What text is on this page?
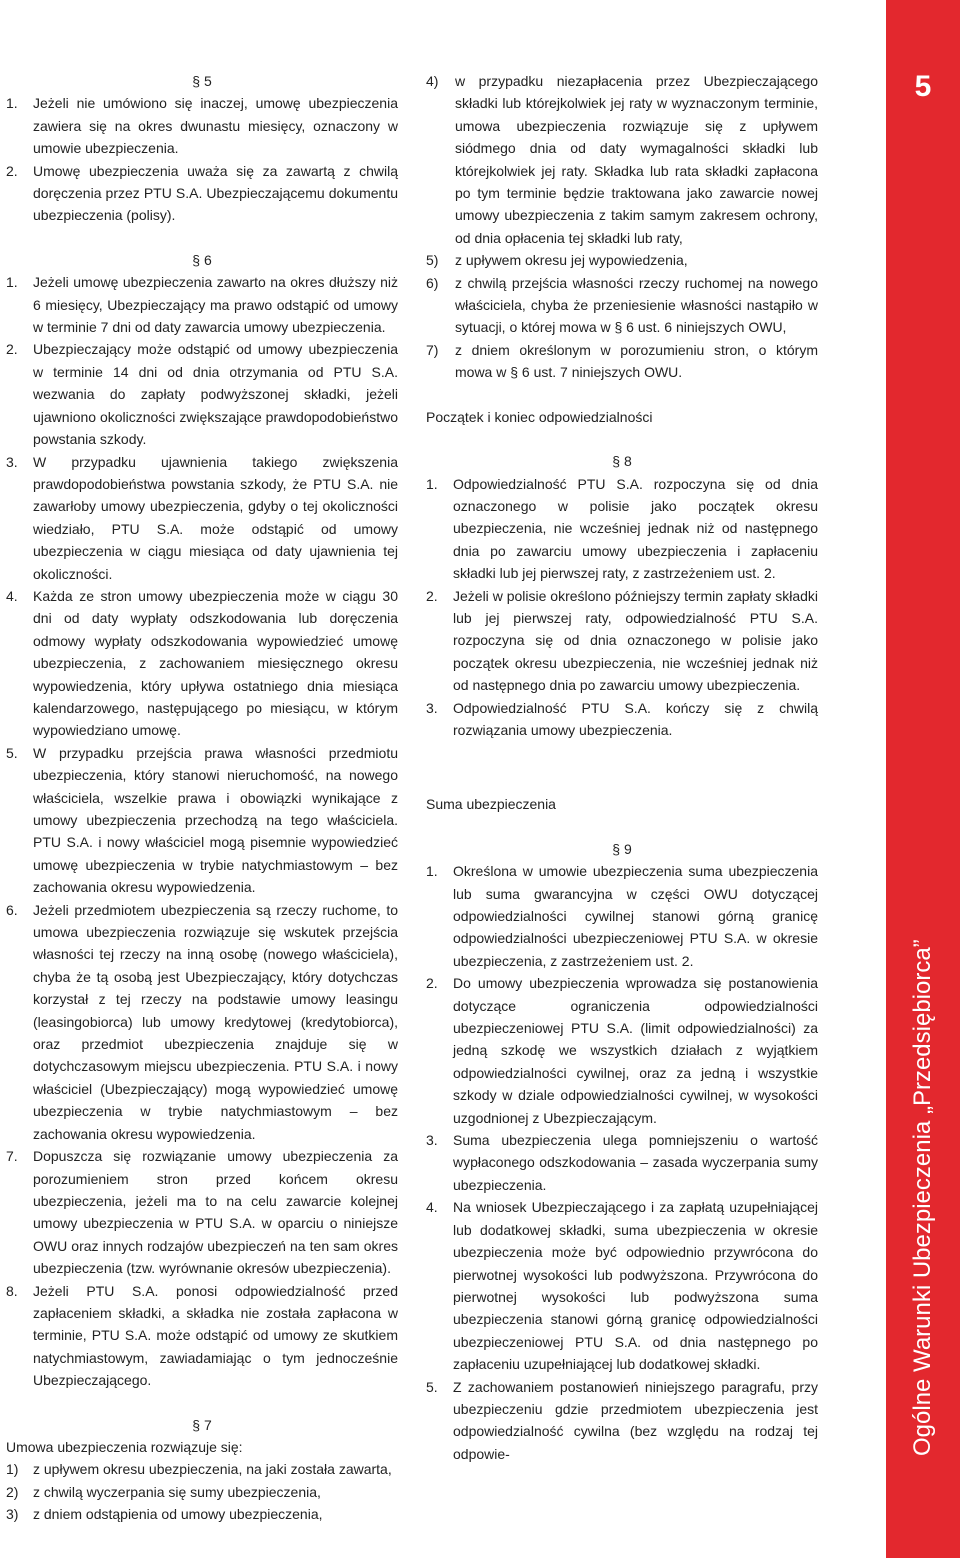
§ 5

1.	Jeżeli nie umówiono się inaczej, umowę ubezpieczenia zawiera się na okres dwunastu miesięcy, oznaczony w umowie ubezpieczenia.
2.	Umowę ubezpieczenia uważa się za zawartą z chwilą doręczenia przez PTU S.A. Ubezpieczającemu dokumentu ubezpieczenia (polisy).

§ 6

1.	Jeżeli umowę ubezpieczenia zawarto na okres dłuższy niż 6 miesięcy, Ubezpieczający ma prawo odstąpić od umowy w terminie 7 dni od daty zawarcia umowy ubezpieczenia.
2.	Ubezpieczający może odstąpić od umowy ubezpieczenia w terminie 14 dni od dnia otrzymania od PTU S.A. wezwania do zapłaty podwyższonej składki, jeżeli ujawniono okoliczności zwiększające prawdopodobieństwo powstania szkody.
3.	W przypadku ujawnienia takiego zwiększenia prawdopodobieństwa powstania szkody, że PTU S.A. nie zawarłoby umowy ubezpieczenia, gdyby o tej okoliczności wiedziało, PTU S.A. może odstąpić od umowy ubezpieczenia w ciągu miesiąca od daty ujawnienia tej okoliczności.
4.	Każda ze stron umowy ubezpieczenia może w ciągu 30 dni od daty wypłaty odszkodowania lub doręczenia odmowy wypłaty odszkodowania wypowiedzieć umowę ubezpieczenia, z zachowaniem miesięcznego okresu wypowiedzenia, który upływa ostatniego dnia miesiąca kalendarzowego, następującego po miesiącu, w którym wypowiedziano umowę.
5.	W przypadku przejścia prawa własności przedmiotu ubezpieczenia, który stanowi nieruchomość, na nowego właściciela, wszelkie prawa i obowiązki wynikające z umowy ubezpieczenia przechodzą na tego właściciela. PTU S.A. i nowy właściciel mogą pisemnie wypowiedzieć umowę ubezpieczenia w trybie natychmiastowym – bez zachowania okresu wypowiedzenia.
6.	Jeżeli przedmiotem ubezpieczenia są rzeczy ruchome, to umowa ubezpieczenia rozwiązuje się wskutek przejścia własności tej rzeczy na inną osobę (nowego właściciela), chyba że tą osobą jest Ubezpieczający, który dotychczas korzystał z tej rzeczy na podstawie umowy leasingu (leasingobiorca) lub umowy kredytowej (kredytobiorca), oraz przedmiot ubezpieczenia znajduje się w dotychczasowym miejscu ubezpieczenia. PTU S.A. i nowy właściciel (Ubezpieczający) mogą wypowiedzieć umowę ubezpieczenia w trybie natychmiastowym – bez zachowania okresu wypowiedzenia.
7.	Dopuszcza się rozwiązanie umowy ubezpieczenia za porozumieniem stron przed końcem okresu ubezpieczenia, jeżeli ma to na celu zawarcie kolejnej umowy ubezpieczenia w PTU S.A. w oparciu o niniejsze OWU oraz innych rodzajów ubezpieczeń na ten sam okres ubezpieczenia (tzw. wyrównanie okresów ubezpieczenia).
8.	Jeżeli PTU S.A. ponosi odpowiedzialność przed zapłaceniem składki, a składka nie została zapłacona w terminie, PTU S.A. może odstąpić od umowy ze skutkiem natychmiastowym, zawiadamiając o tym jednocześnie Ubezpieczającego.

§ 7

Umowa ubezpieczenia rozwiązuje się:

1)	z upływem okresu ubezpieczenia, na jaki została zawarta,
2)	z chwilą wyczerpania się sumy ubezpieczenia,
3)	z dniem odstąpienia od umowy ubezpieczenia,
4)	w przypadku niezapłacenia przez Ubezpieczającego składki lub którejkolwiek jej raty w wyznaczonym terminie, umowa ubezpieczenia rozwiązuje się z upływem siódmego dnia od daty wymagalności składki lub którejkolwiek jej raty. Składka lub rata składki zapłacona po tym terminie będzie traktowana jako zawarcie nowej umowy ubezpieczenia z takim samym zakresem ochrony, od dnia opłacenia tej składki lub raty,
5)	z upływem okresu jej wypowiedzenia,
6)	z chwilą przejścia własności rzeczy ruchomej na nowego właściciela, chyba że przeniesienie własności nastąpiło w sytuacji, o której mowa w § 6 ust. 6 niniejszych OWU,
7)	z dniem określonym w porozumieniu stron, o którym mowa w § 6 ust. 7 niniejszych OWU.

Początek i koniec odpowiedzialności

§ 8

1.	Odpowiedzialność PTU S.A. rozpoczyna się od dnia oznaczonego w polisie jako początek okresu ubezpieczenia, nie wcześniej jednak niż od następnego dnia po zawarciu umowy ubezpieczenia i zapłaceniu składki lub jej pierwszej raty, z zastrzeżeniem ust. 2.
2.	Jeżeli w polisie określono późniejszy termin zapłaty składki lub jej pierwszej raty, odpowiedzialność PTU S.A. rozpoczyna się od dnia oznaczonego w polisie jako początek okresu ubezpieczenia, nie wcześniej jednak niż od następnego dnia po zawarciu umowy ubezpieczenia.
3.	Odpowiedzialność PTU S.A. kończy się z chwilą rozwiązania umowy ubezpieczenia.

Suma ubezpieczenia

§ 9

1.	Określona w umowie ubezpieczenia suma ubezpieczenia lub suma gwarancyjna w części OWU dotyczącej odpowiedzialności cywilnej stanowi górną granicę odpowiedzialności ubezpieczeniowej PTU S.A. w okresie ubezpieczenia, z zastrzeżeniem ust. 2.
2.	Do umowy ubezpieczenia wprowadza się postanowienia dotyczące ograniczenia odpowiedzialności ubezpieczeniowej PTU S.A. (limit odpowiedzialności) za jedną szkodę we wszystkich działach z wyjątkiem odpowiedzialności cywilnej, oraz za jedną i wszystkie szkody w dziale odpowiedzialności cywilnej, w wysokości uzgodnionej z Ubezpieczającym.
3.	Suma ubezpieczenia ulega pomniejszeniu o wartość wypłaconego odszkodowania – zasada wyczerpania sumy ubezpieczenia.
4.	Na wniosek Ubezpieczającego i za zapłatą uzupełniającej lub dodatkowej składki, suma ubezpieczenia w okresie ubezpieczenia może być odpowiednio przywrócona do pierwotnej wysokości lub podwyższona. Przywrócona do pierwotnej wysokości lub podwyższona suma ubezpieczenia stanowi górną granicę odpowiedzialności ubezpieczeniowej PTU S.A. od dnia następnego po zapłaceniu uzupełniającej lub dodatkowej składki.
5.	Z zachowaniem postanowień niniejszego paragrafu, przy ubezpieczeniu gdzie przedmiotem ubezpieczenia jest odpowiedzialność cywilna (bez względu na rodzaj tej odpowie-
5
Ogólne Warunki Ubezpieczenia „Przedsiębiorca”
